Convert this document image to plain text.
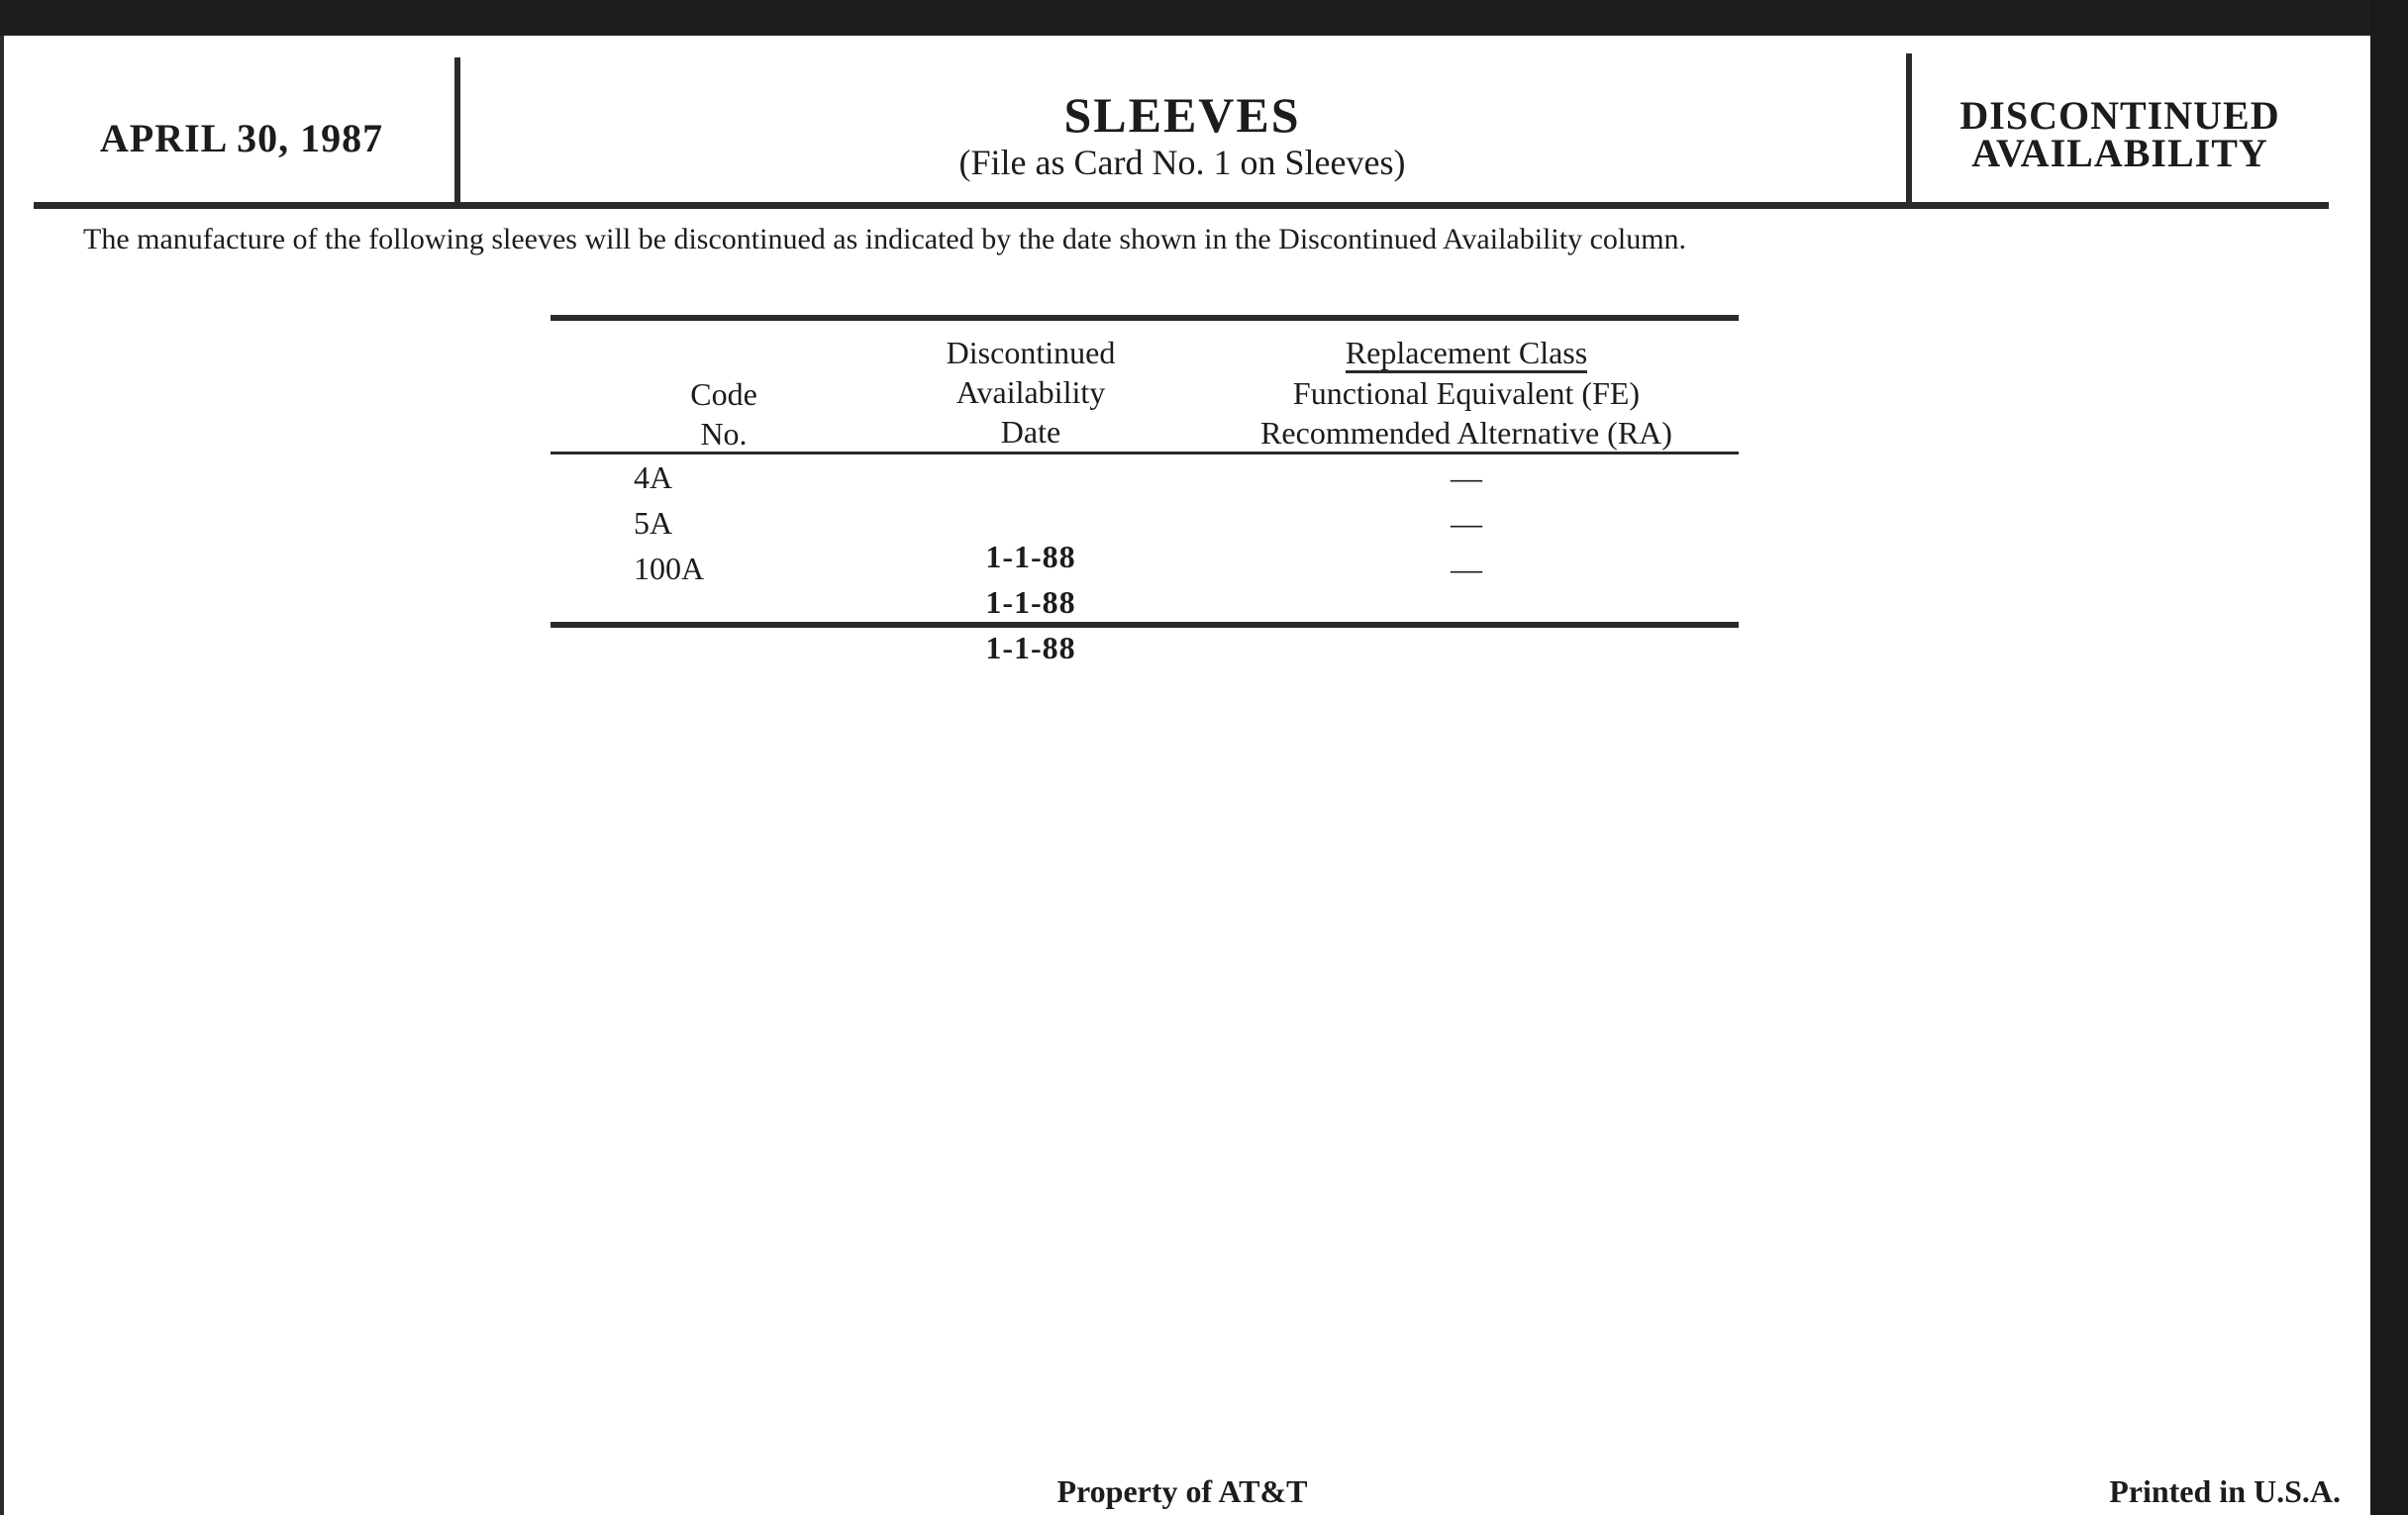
APRIL 30, 1987	SLEEVES
(File as Card No. 1 on Sleeves)
DISCONTINUED
AVAILABILITY
The manufacture of the following sleeves will be discontinued as indicated by the date shown in the Discontinued Availability column.
Code
No.
Discontinued
Availability
Date
Replacement Class
Functional Equivalent (FE)
Recommended Alternative (RA)
4A
1-1-88
—
5A
1-1-88
—
100A
1-1-88
—
Property of AT&T	Printed in U.S.A.
